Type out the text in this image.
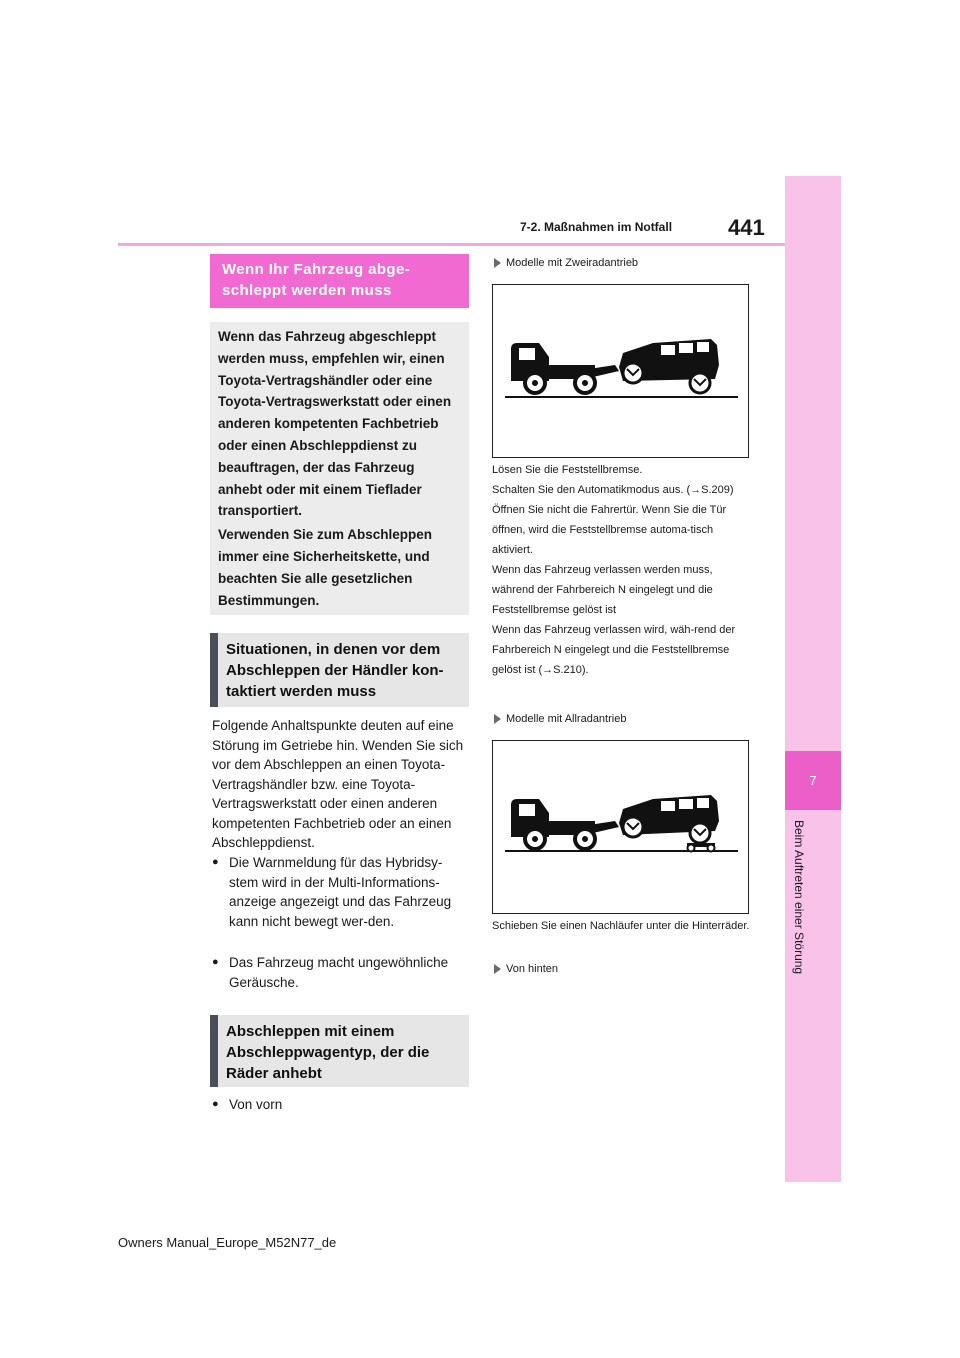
7
Beim Auftreten einer Störung
7-2. Maßnahmen im Notfall	441
Wenn Ihr Fahrzeug abge-schleppt werden muss

Wenn das Fahrzeug abgeschleppt werden muss, empfehlen wir, einen Toyota-Vertragshändler oder eine Toyota-Vertragswerkstatt oder einen anderen kompetenten Fachbetrieb oder einen Abschleppdienst zu beauftragen, der das Fahrzeug anhebt oder mit einem Tieflader transportiert.

Verwenden Sie zum Abschleppen immer eine Sicherheitskette, und beachten Sie alle gesetzlichen Bestimmungen.

Situationen, in denen vor dem Abschleppen der Händler kon-taktiert werden muss
Folgende Anhaltspunkte deuten auf eine Störung im Getriebe hin. Wenden Sie sich vor dem Abschleppen an einen Toyota-Vertragshändler bzw. eine Toyota-Vertragswerkstatt oder einen anderen kompetenten Fachbetrieb oder an einen Abschleppdienst.
● Die Warnmeldung für das Hybridsy-stem wird in der Multi-Informations-anzeige angezeigt und das Fahrzeug kann nicht bewegt wer-den.
● Das Fahrzeug macht ungewöhnliche Geräusche.
Abschleppen mit einem Abschleppwagentyp, der die Räder anhebt
● Von vorn
Modelle mit Zweiradantrieb

Lösen Sie die Feststellbremse.

Schalten Sie den Automatikmodus aus. (→S.209)

Öffnen Sie nicht die Fahrertür. Wenn Sie die Tür öffnen, wird die Feststellbremse automa-tisch aktiviert.

Wenn das Fahrzeug verlassen werden muss, während der Fahrbereich N eingelegt und die Feststellbremse gelöst ist

Wenn das Fahrzeug verlassen wird, wäh-rend der Fahrbereich N eingelegt und die Feststellbremse gelöst ist (→S.210).

Modelle mit Allradantrieb
Schieben Sie einen Nachläufer unter die Hinterräder.
Von hinten
Owners Manual_Europe_M52N77_de
